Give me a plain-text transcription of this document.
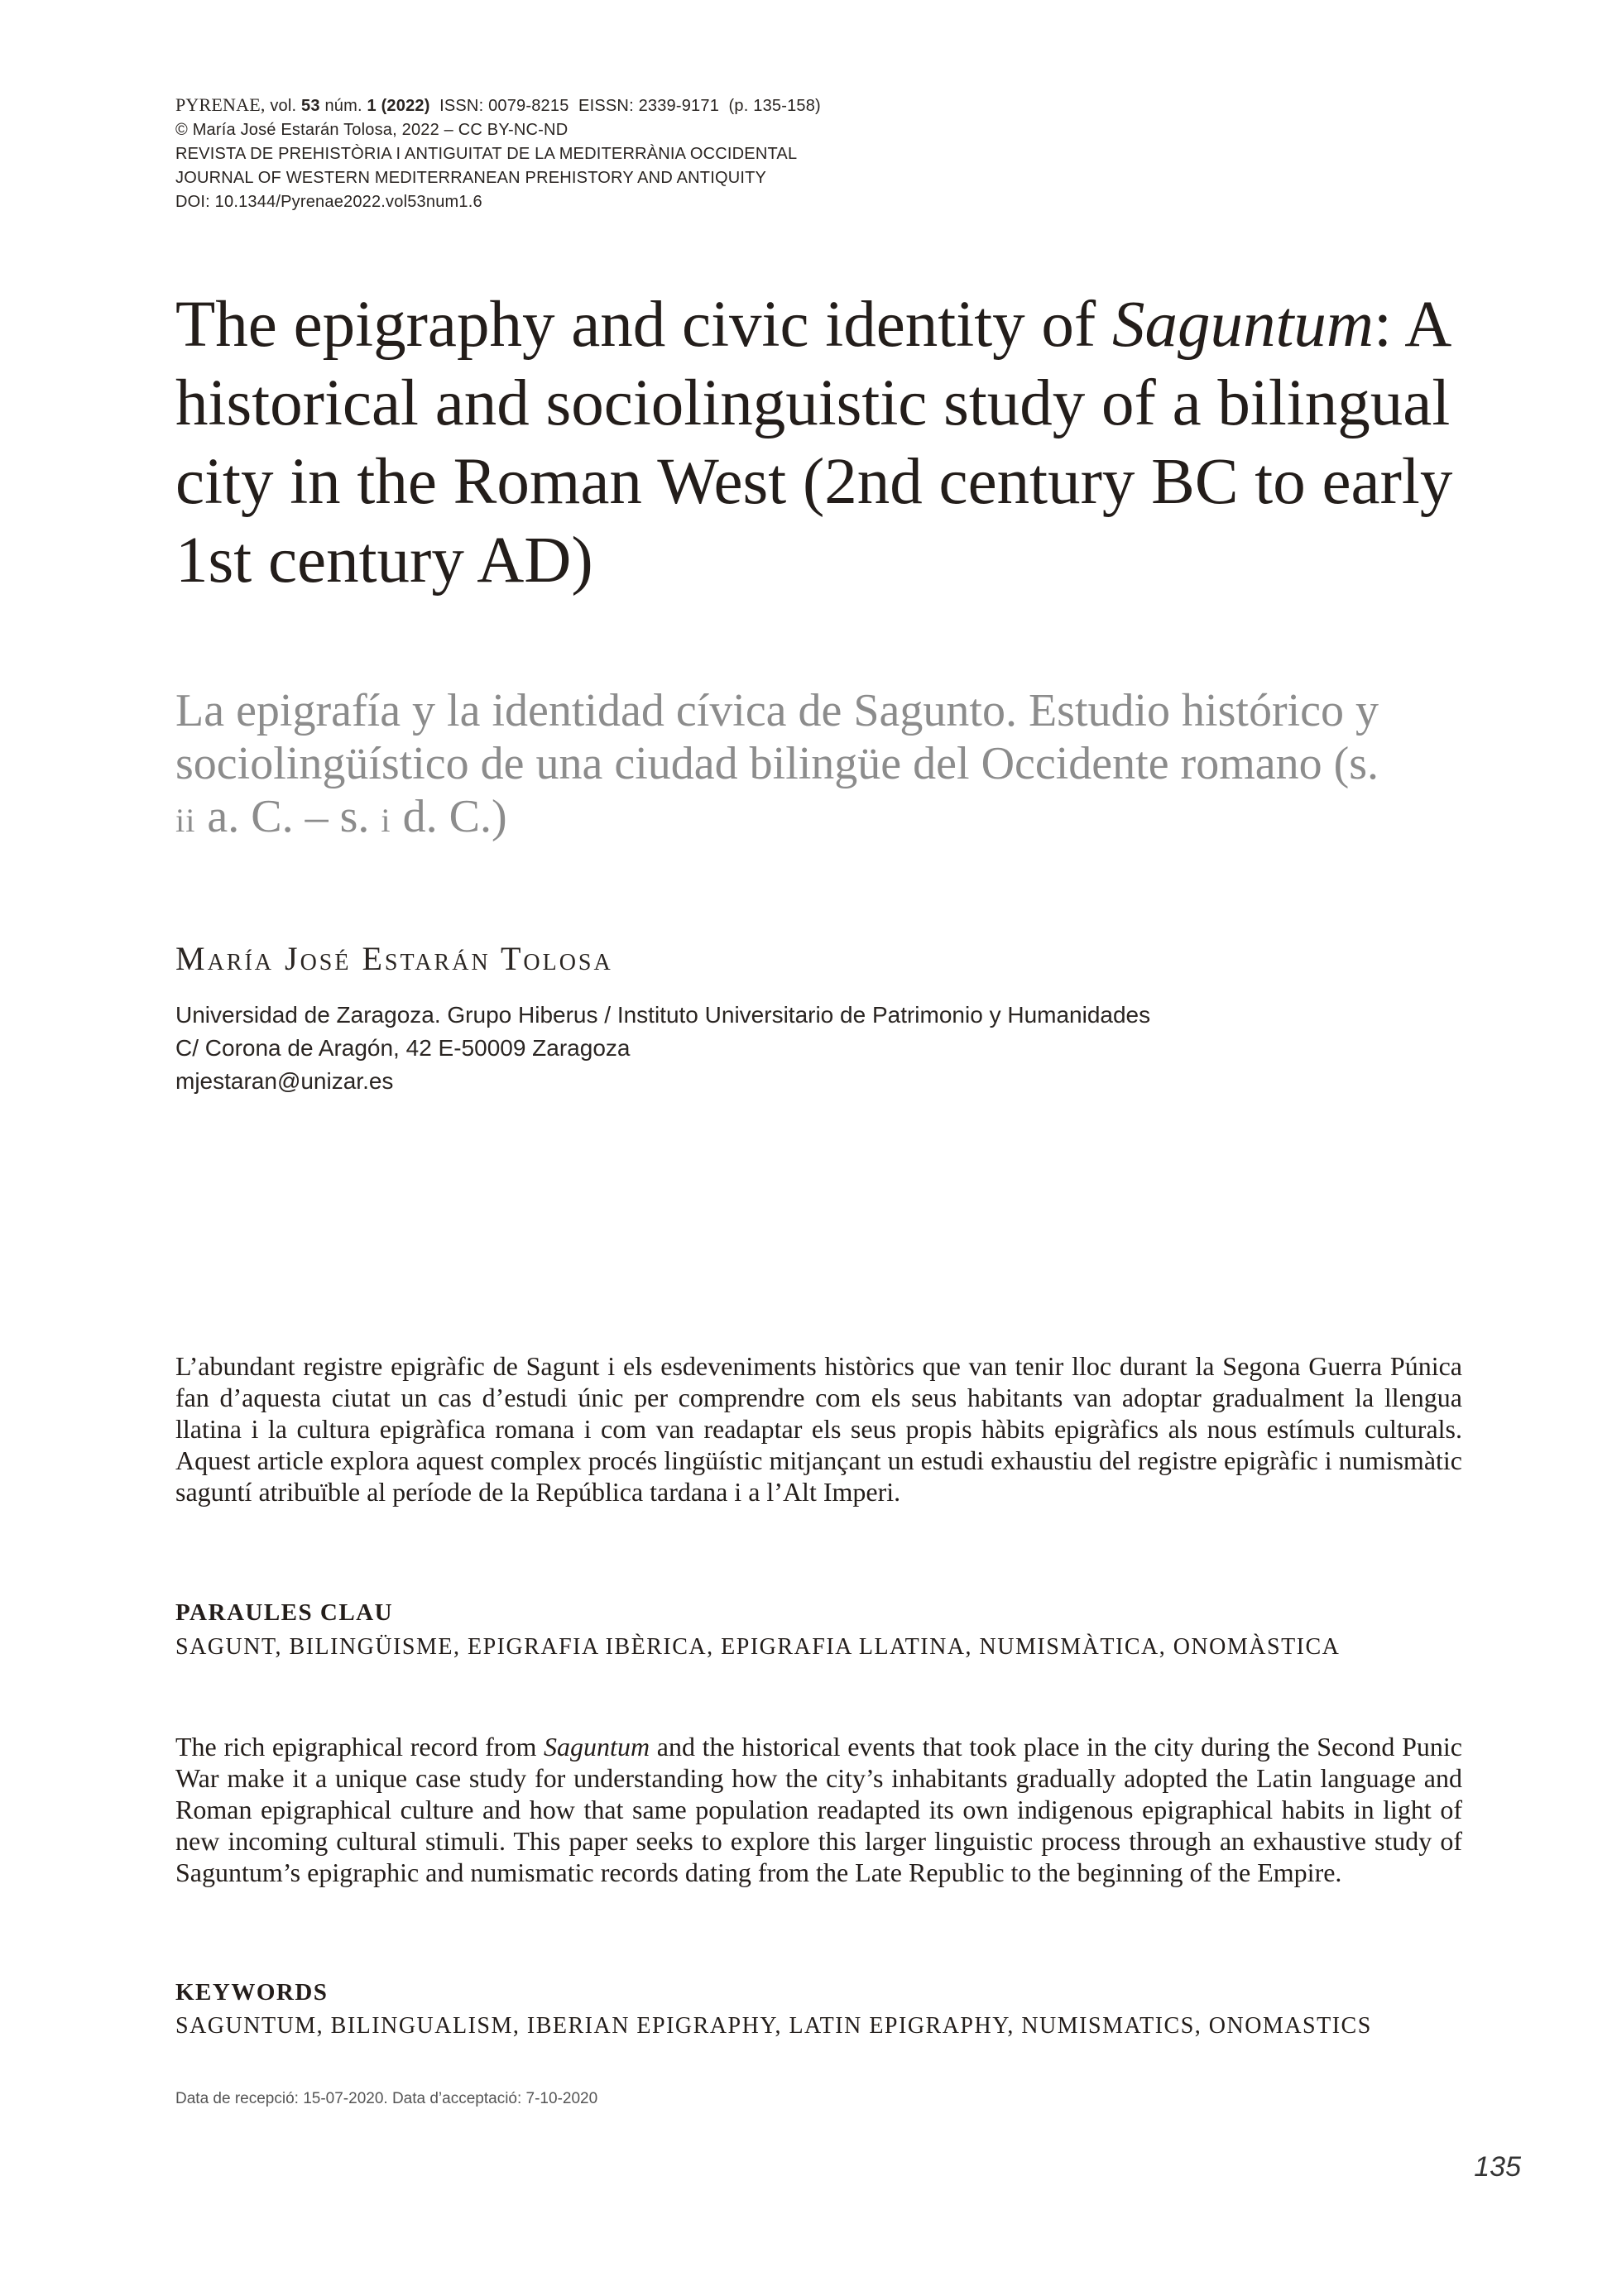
PYRENAE, vol. 53 núm. 1 (2022) ISSN: 0079-8215 EISSN: 2339-9171 (p. 135-158)
© María José Estarán Tolosa, 2022 – CC BY-NC-ND
REVISTA DE PREHISTÒRIA I ANTIGUITAT DE LA MEDITERRÀNIA OCCIDENTAL
JOURNAL OF WESTERN MEDITERRANEAN PREHISTORY AND ANTIQUITY
DOI: 10.1344/Pyrenae2022.vol53num1.6
The epigraphy and civic identity of Saguntum: A historical and sociolinguistic study of a bilingual city in the Roman West (2nd century BC to early 1st century AD)
La epigrafía y la identidad cívica de Sagunto. Estudio histórico y sociolingüístico de una ciudad bilingüe del Occidente romano (s. ii a. C. – s. i d. C.)
María José Estarán Tolosa
Universidad de Zaragoza. Grupo Hiberus / Instituto Universitario de Patrimonio y Humanidades
C/ Corona de Aragón, 42 E-50009 Zaragoza
mjestaran@unizar.es

L’abundant registre epigràfic de Sagunt i els esdeveniments històrics que van tenir lloc durant la Segona Guerra Púnica fan d’aquesta ciutat un cas d’estudi únic per comprendre com els seus habitants van adoptar gradualment la llengua llatina i la cultura epigràfica romana i com van readaptar els seus propis hàbits epigràfics als nous estímuls culturals. Aquest article explora aquest complex procés lingüístic mitjançant un estudi exhaustiu del registre epigràfic i numismàtic saguntí atribuïble al període de la República tardana i a l’Alt Imperi.

PARAULES CLAU
SAGUNT, BILINGÜISME, EPIGRAFIA IBÈRICA, EPIGRAFIA LLATINA, NUMISMÀTICA, ONOMÀSTICA

The rich epigraphical record from Saguntum and the historical events that took place in the city during the Second Punic War make it a unique case study for understanding how the city’s inhabitants gradually adopted the Latin language and Roman epigraphical culture and how that same population readapted its own indigenous epigraphical habits in light of new incoming cultural stimuli. This paper seeks to explore this larger linguistic process through an exhaustive study of Saguntum’s epigraphic and numismatic records dating from the Late Republic to the beginning of the Empire.

KEYWORDS
SAGUNTUM, BILINGUALISM, IBERIAN EPIGRAPHY, LATIN EPIGRAPHY, NUMISMATICS, ONOMASTICS
Data de recepció: 15-07-2020. Data d’acceptació: 7-10-2020
135
